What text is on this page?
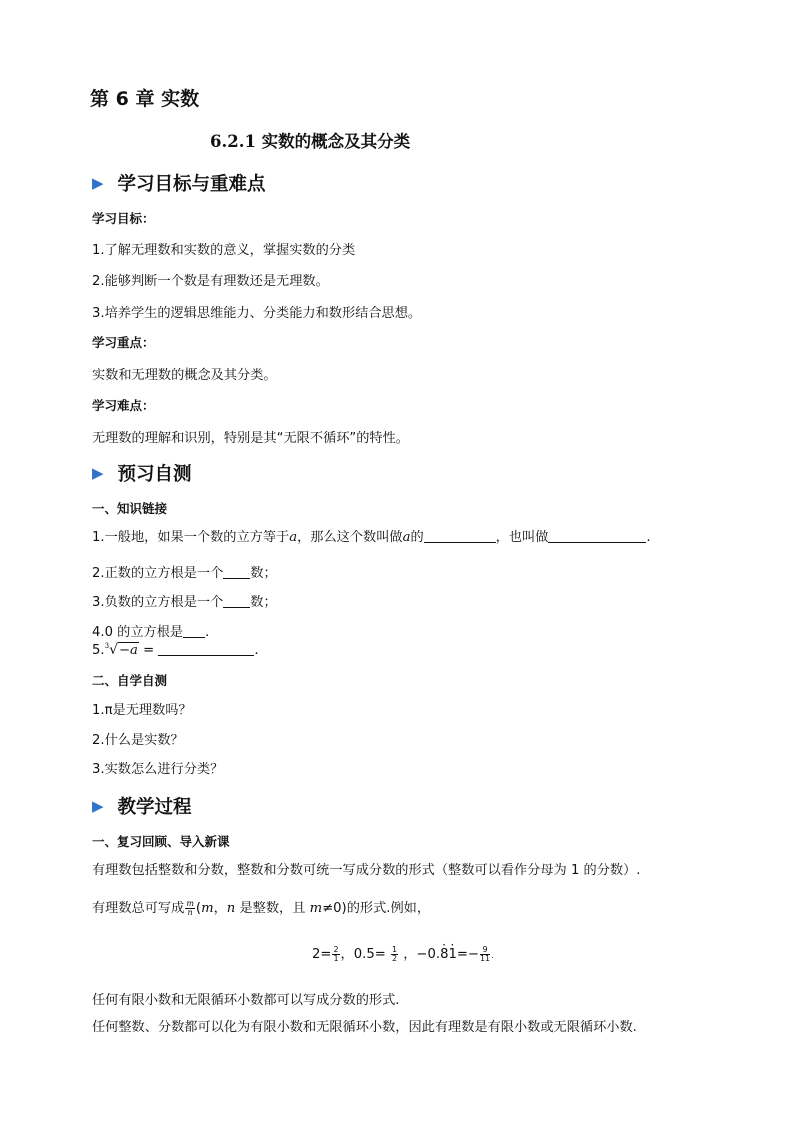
第 6 章 实数
6.2.1 实数的概念及其分类
▶ 学习目标与重难点
学习目标：
1.了解无理数和实数的意义，掌握实数的分类
2.能够判断一个数是有理数还是无理数。
3.培养学生的逻辑思维能力、分类能力和数形结合思想。
学习重点：
实数和无理数的概念及其分类。
学习难点：
无理数的理解和识别，特别是其“无限不循环”的特性。
▶ 预习自测
一、知识链接
1.一般地，如果一个数的立方等于a，那么这个数叫做a的	，也叫做	.
2.正数的立方根是一个 数；
3.负数的立方根是一个 数；
4.0 的立方根是 .
5.$^3$√−a =	.
二、自学自测
1.π是无理数吗？
2.什么是实数？
3.实数怎么进行分类？
▶ 教学过程
一、复习回顾、导入新课
有理数包括整数和分数，整数和分数可统一写成分数的形式（整数可以看作分母为 1 的分数）.
有理数总可写成 $\frac{m}{n} (m$，n 是整数，且 m≠0)的形式.例如，
$2= \frac{2}{1}$ ，$0.5= \frac{1}{2}$ ，$-0.\cdot 8\cdot 1=- \frac{9}{11}$ .
任何有限小数和无限循环小数都可以写成分数的形式.
任何整数、分数都可以化为有限小数和无限循环小数，因此有理数是有限小数或无限循环小数.
